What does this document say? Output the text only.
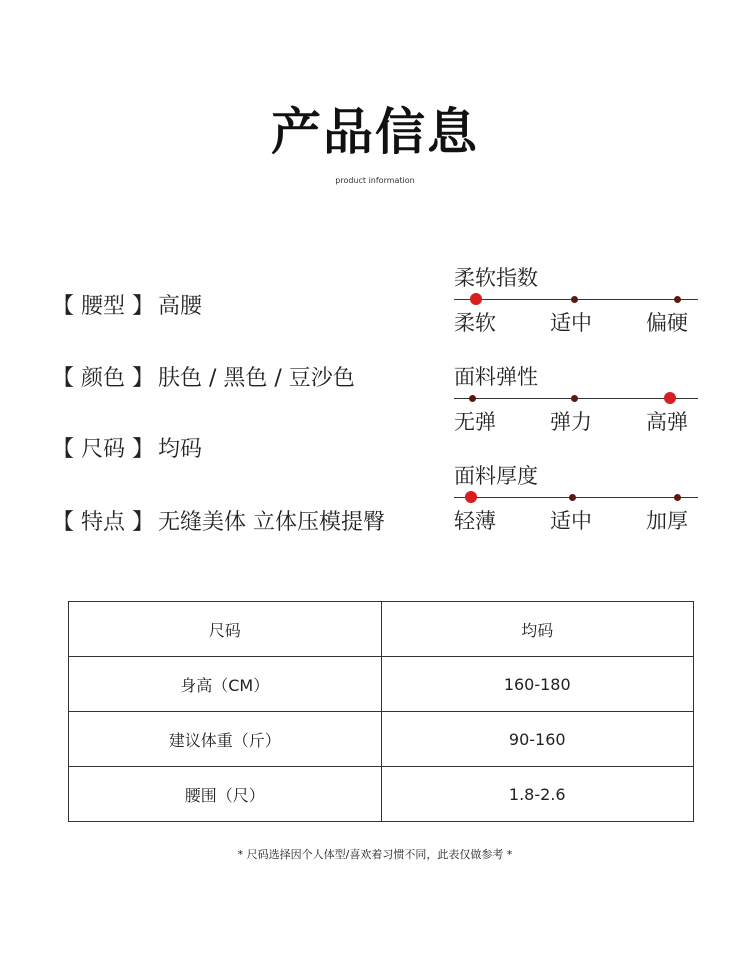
产品信息
product information
【 腰型 】 高腰
【 颜色 】 肤色 / 黑色 / 豆沙色
【 尺码 】 均码
【 特点 】 无缝美体 立体压模提臀
柔软指数
柔软	适中	偏硬
面料弹性
无弹	弹力	高弹
面料厚度
轻薄	适中	加厚
尺码	均码
身高（CM）	160-180
建议体重（斤）	90-160
腰围（尺）	1.8-2.6
* 尺码选择因个人体型/喜欢着习惯不同，此表仅做参考 *
